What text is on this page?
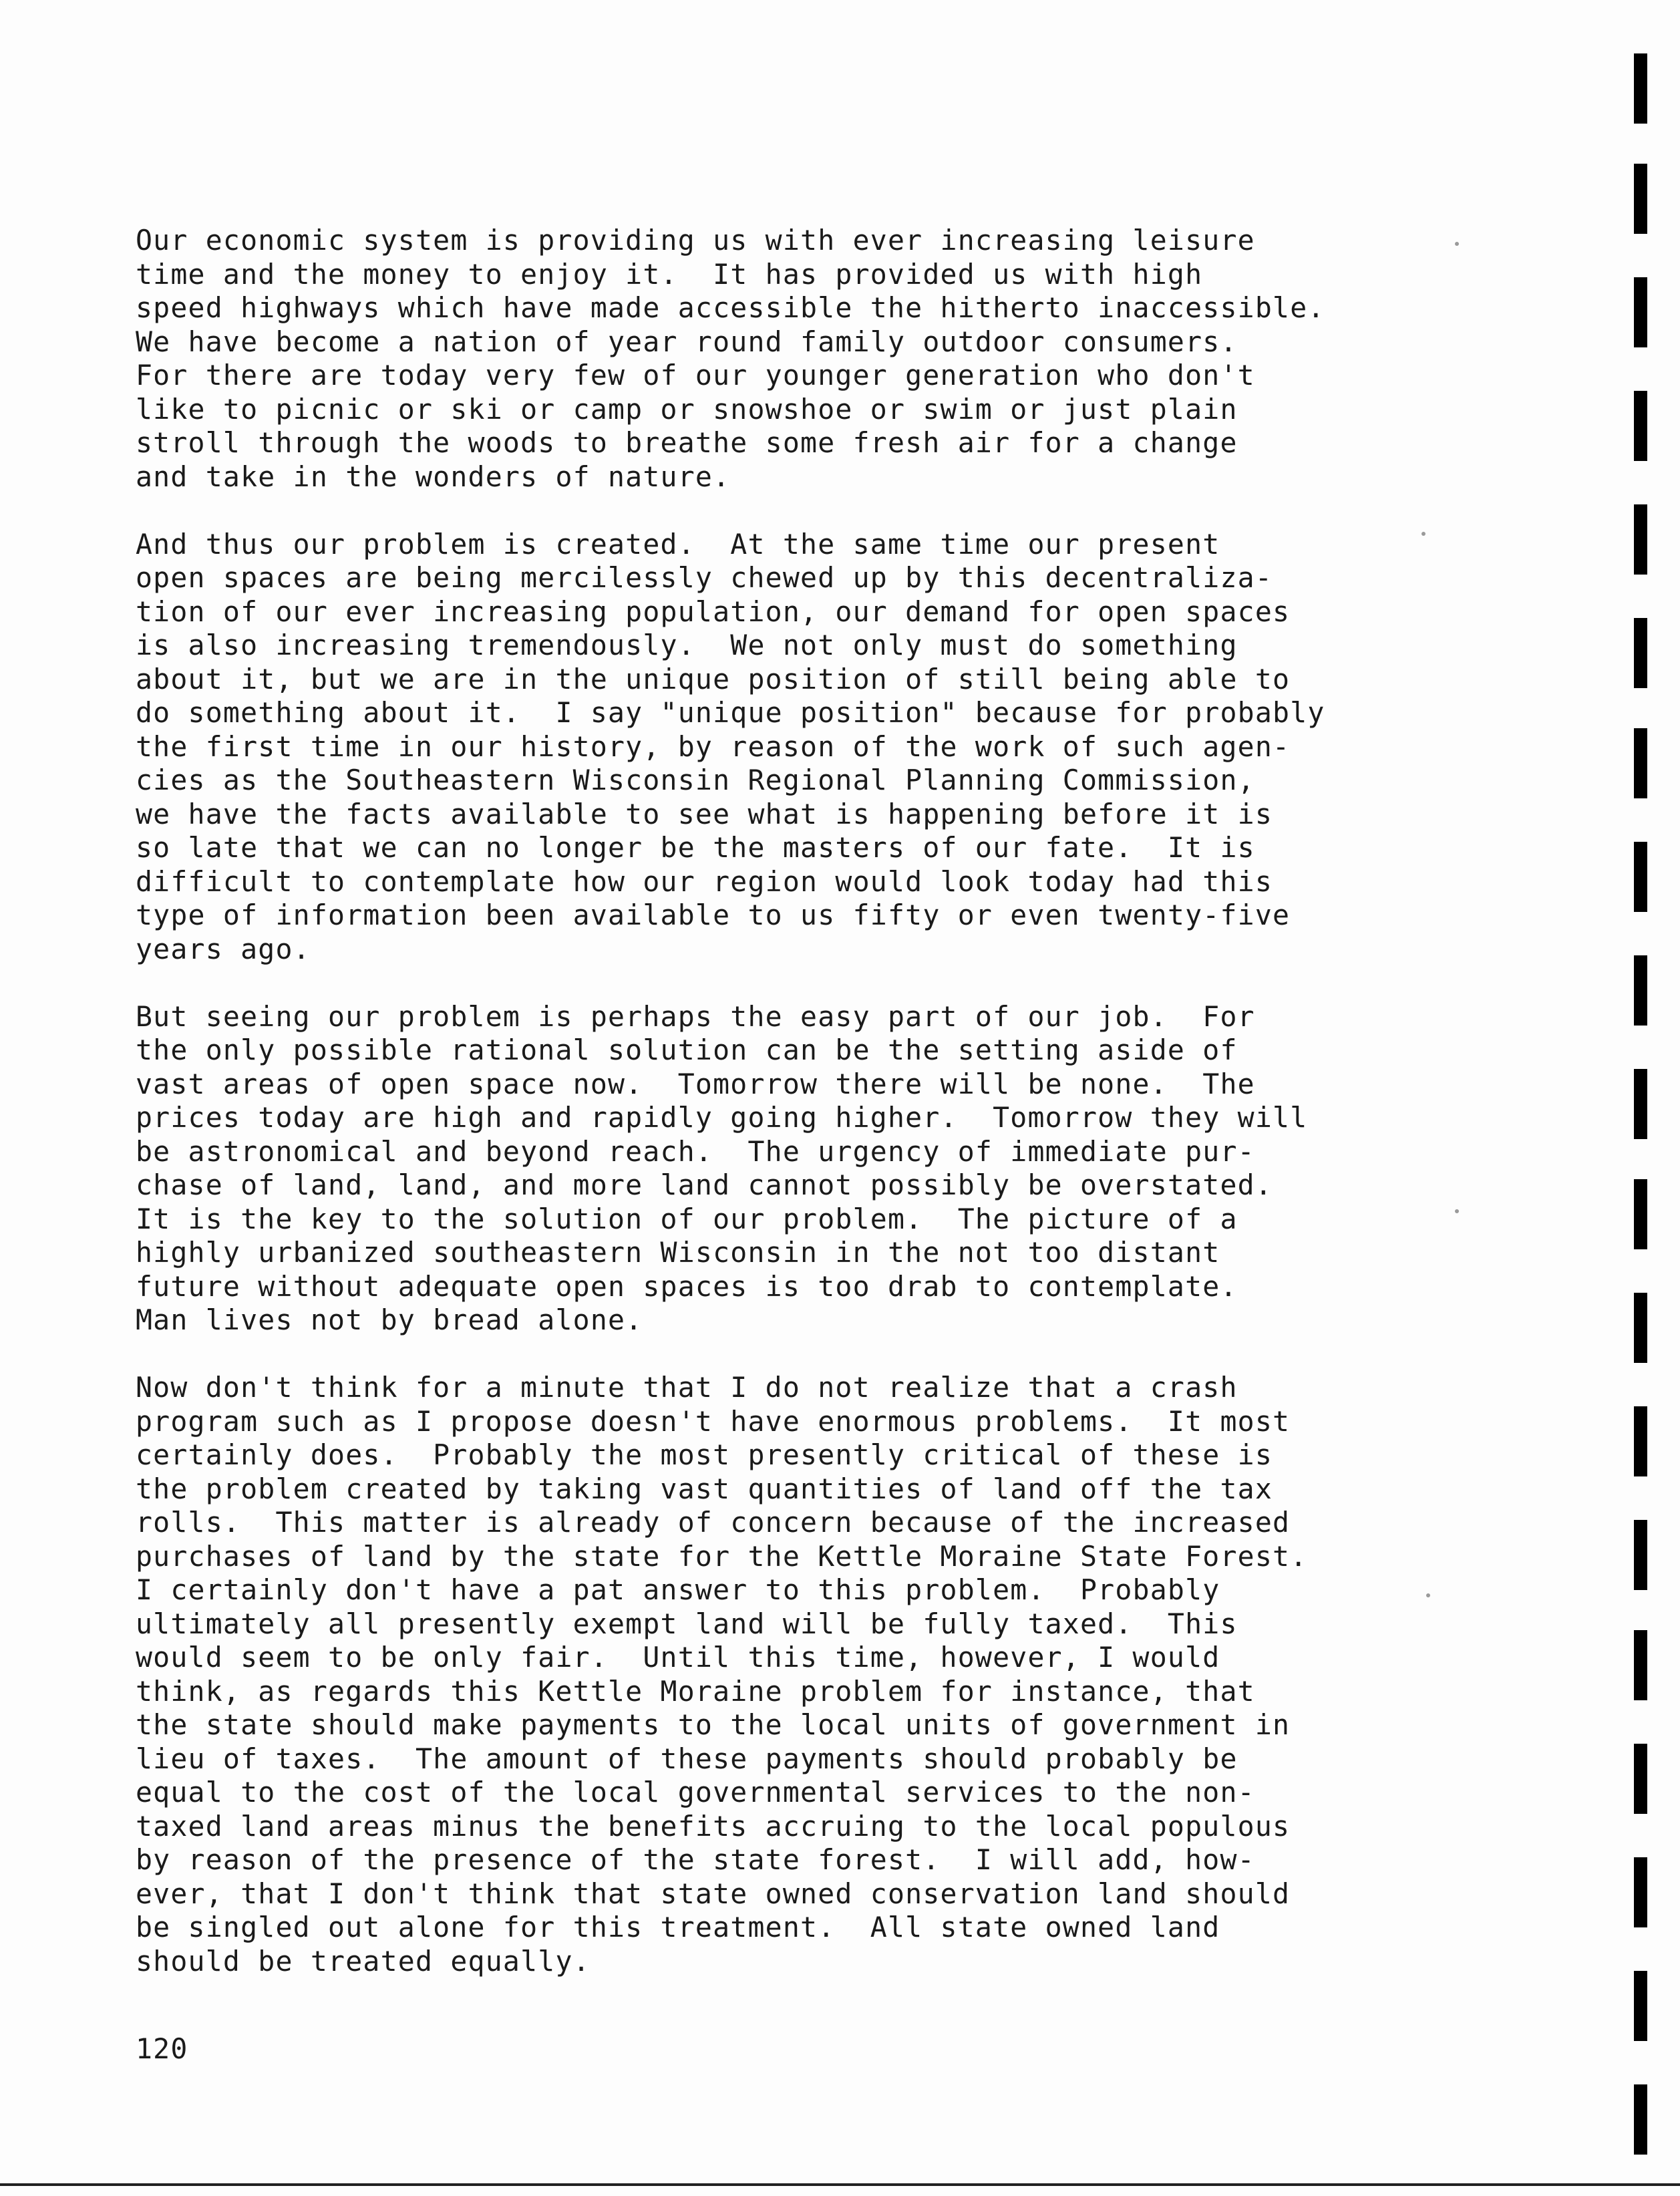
Our economic system is providing us with ever increasing leisure
time and the money to enjoy it.  It has provided us with high
speed highways which have made accessible the hitherto inaccessible.
We have become a nation of year round family outdoor consumers.
For there are today very few of our younger generation who don't
like to picnic or ski or camp or snowshoe or swim or just plain
stroll through the woods to breathe some fresh air for a change
and take in the wonders of nature.

And thus our problem is created.  At the same time our present
open spaces are being mercilessly chewed up by this decentraliza-
tion of our ever increasing population, our demand for open spaces
is also increasing tremendously.  We not only must do something
about it, but we are in the unique position of still being able to
do something about it.  I say "unique position" because for probably
the first time in our history, by reason of the work of such agen-
cies as the Southeastern Wisconsin Regional Planning Commission,
we have the facts available to see what is happening before it is
so late that we can no longer be the masters of our fate.  It is
difficult to contemplate how our region would look today had this
type of information been available to us fifty or even twenty-five
years ago.

But seeing our problem is perhaps the easy part of our job.  For
the only possible rational solution can be the setting aside of
vast areas of open space now.  Tomorrow there will be none.  The
prices today are high and rapidly going higher.  Tomorrow they will
be astronomical and beyond reach.  The urgency of immediate pur-
chase of land, land, and more land cannot possibly be overstated.
It is the key to the solution of our problem.  The picture of a
highly urbanized southeastern Wisconsin in the not too distant
future without adequate open spaces is too drab to contemplate.
Man lives not by bread alone.

Now don't think for a minute that I do not realize that a crash
program such as I propose doesn't have enormous problems.  It most
certainly does.  Probably the most presently critical of these is
the problem created by taking vast quantities of land off the tax
rolls.  This matter is already of concern because of the increased
purchases of land by the state for the Kettle Moraine State Forest.
I certainly don't have a pat answer to this problem.  Probably
ultimately all presently exempt land will be fully taxed.  This
would seem to be only fair.  Until this time, however, I would
think, as regards this Kettle Moraine problem for instance, that
the state should make payments to the local units of government in
lieu of taxes.  The amount of these payments should probably be
equal to the cost of the local governmental services to the non-
taxed land areas minus the benefits accruing to the local populous
by reason of the presence of the state forest.  I will add, how-
ever, that I don't think that state owned conservation land should
be singled out alone for this treatment.  All state owned land
should be treated equally.

120
